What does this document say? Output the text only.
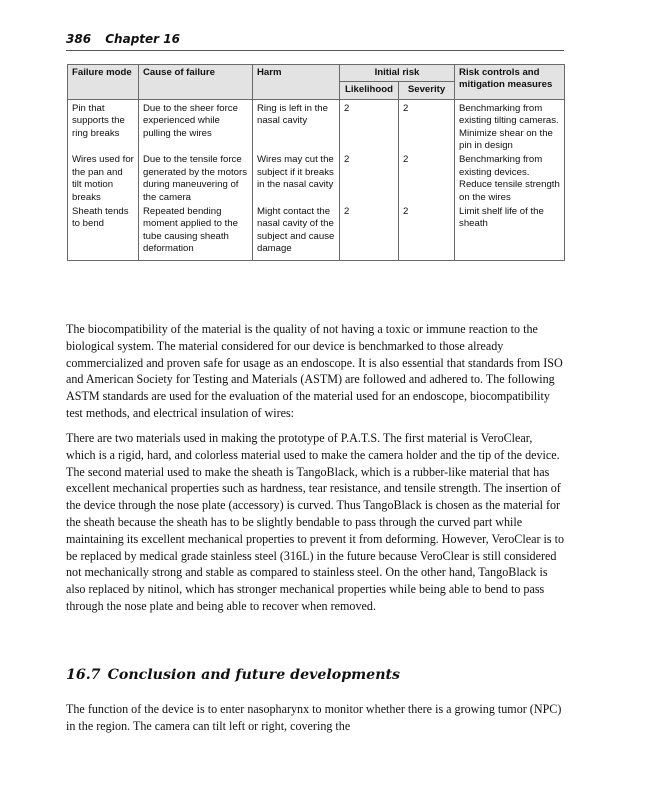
386 Chapter 16
Failure mode	Cause of failure	Harm	Initial risk		Risk controls and mitigation measures
			Likelihood	Severity	
Pin that supports the ring breaks	Due to the sheer force experienced while pulling the wires	Ring is left in the nasal cavity	2	2	Benchmarking from existing tilting cameras. Minimize shear on the pin in design
Wires used for the pan and tilt motion breaks	Due to the tensile force generated by the motors during maneuvering of the camera	Wires may cut the subject if it breaks in the nasal cavity	2	2	Benchmarking from existing devices. Reduce tensile strength on the wires
Sheath tends to bend	Repeated bending moment applied to the tube causing sheath deformation	Might contact the nasal cavity of the subject and cause damage	2	2	Limit shelf life of the sheath

The biocompatibility of the material is the quality of not having a toxic or immune reaction to the biological system. The material considered for our device is benchmarked to those already commercialized and proven safe for usage as an endoscope. It is also essential that standards from ISO and American Society for Testing and Materials (ASTM) are followed and adhered to. The following ASTM standards are used for the evaluation of the material used for an endoscope, biocompatibility test methods, and electrical insulation of wires:

There are two materials used in making the prototype of P.A.T.S. The first material is VeroClear, which is a rigid, hard, and colorless material used to make the camera holder and the tip of the device. The second material used to make the sheath is TangoBlack, which is a rubber-like material that has excellent mechanical properties such as hardness, tear resistance, and tensile strength. The insertion of the device through the nose plate (accessory) is curved. Thus TangoBlack is chosen as the material for the sheath because the sheath has to be slightly bendable to pass through the curved part while maintaining its excellent mechanical properties to prevent it from deforming. However, VeroClear is to be replaced by medical grade stainless steel (316L) in the future because VeroClear is still considered not mechanically strong and stable as compared to stainless steel. On the other hand, TangoBlack is also replaced by nitinol, which has stronger mechanical properties while being able to bend to pass through the nose plate and being able to recover when removed.

16.7 Conclusion and future developments

The function of the device is to enter nasopharynx to monitor whether there is a growing tumor (NPC) in the region. The camera can tilt left or right, covering the
